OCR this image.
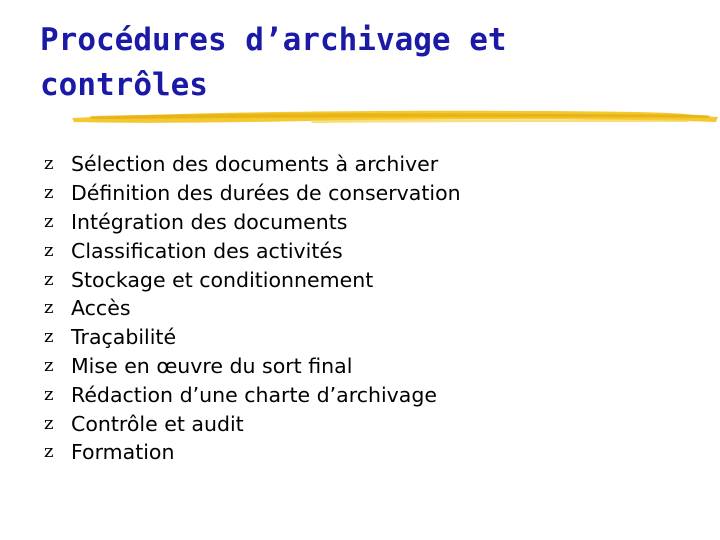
Procédures d’archivage et contrôles
z Sélection des documents à archiver
z Définition des durées de conservation
z Intégration des documents
z Classification des activités
z Stockage et conditionnement
z Accès
z Traçabilité
z Mise en œuvre du sort final
z Rédaction d’une charte d’archivage
z Contrôle et audit
z Formation
